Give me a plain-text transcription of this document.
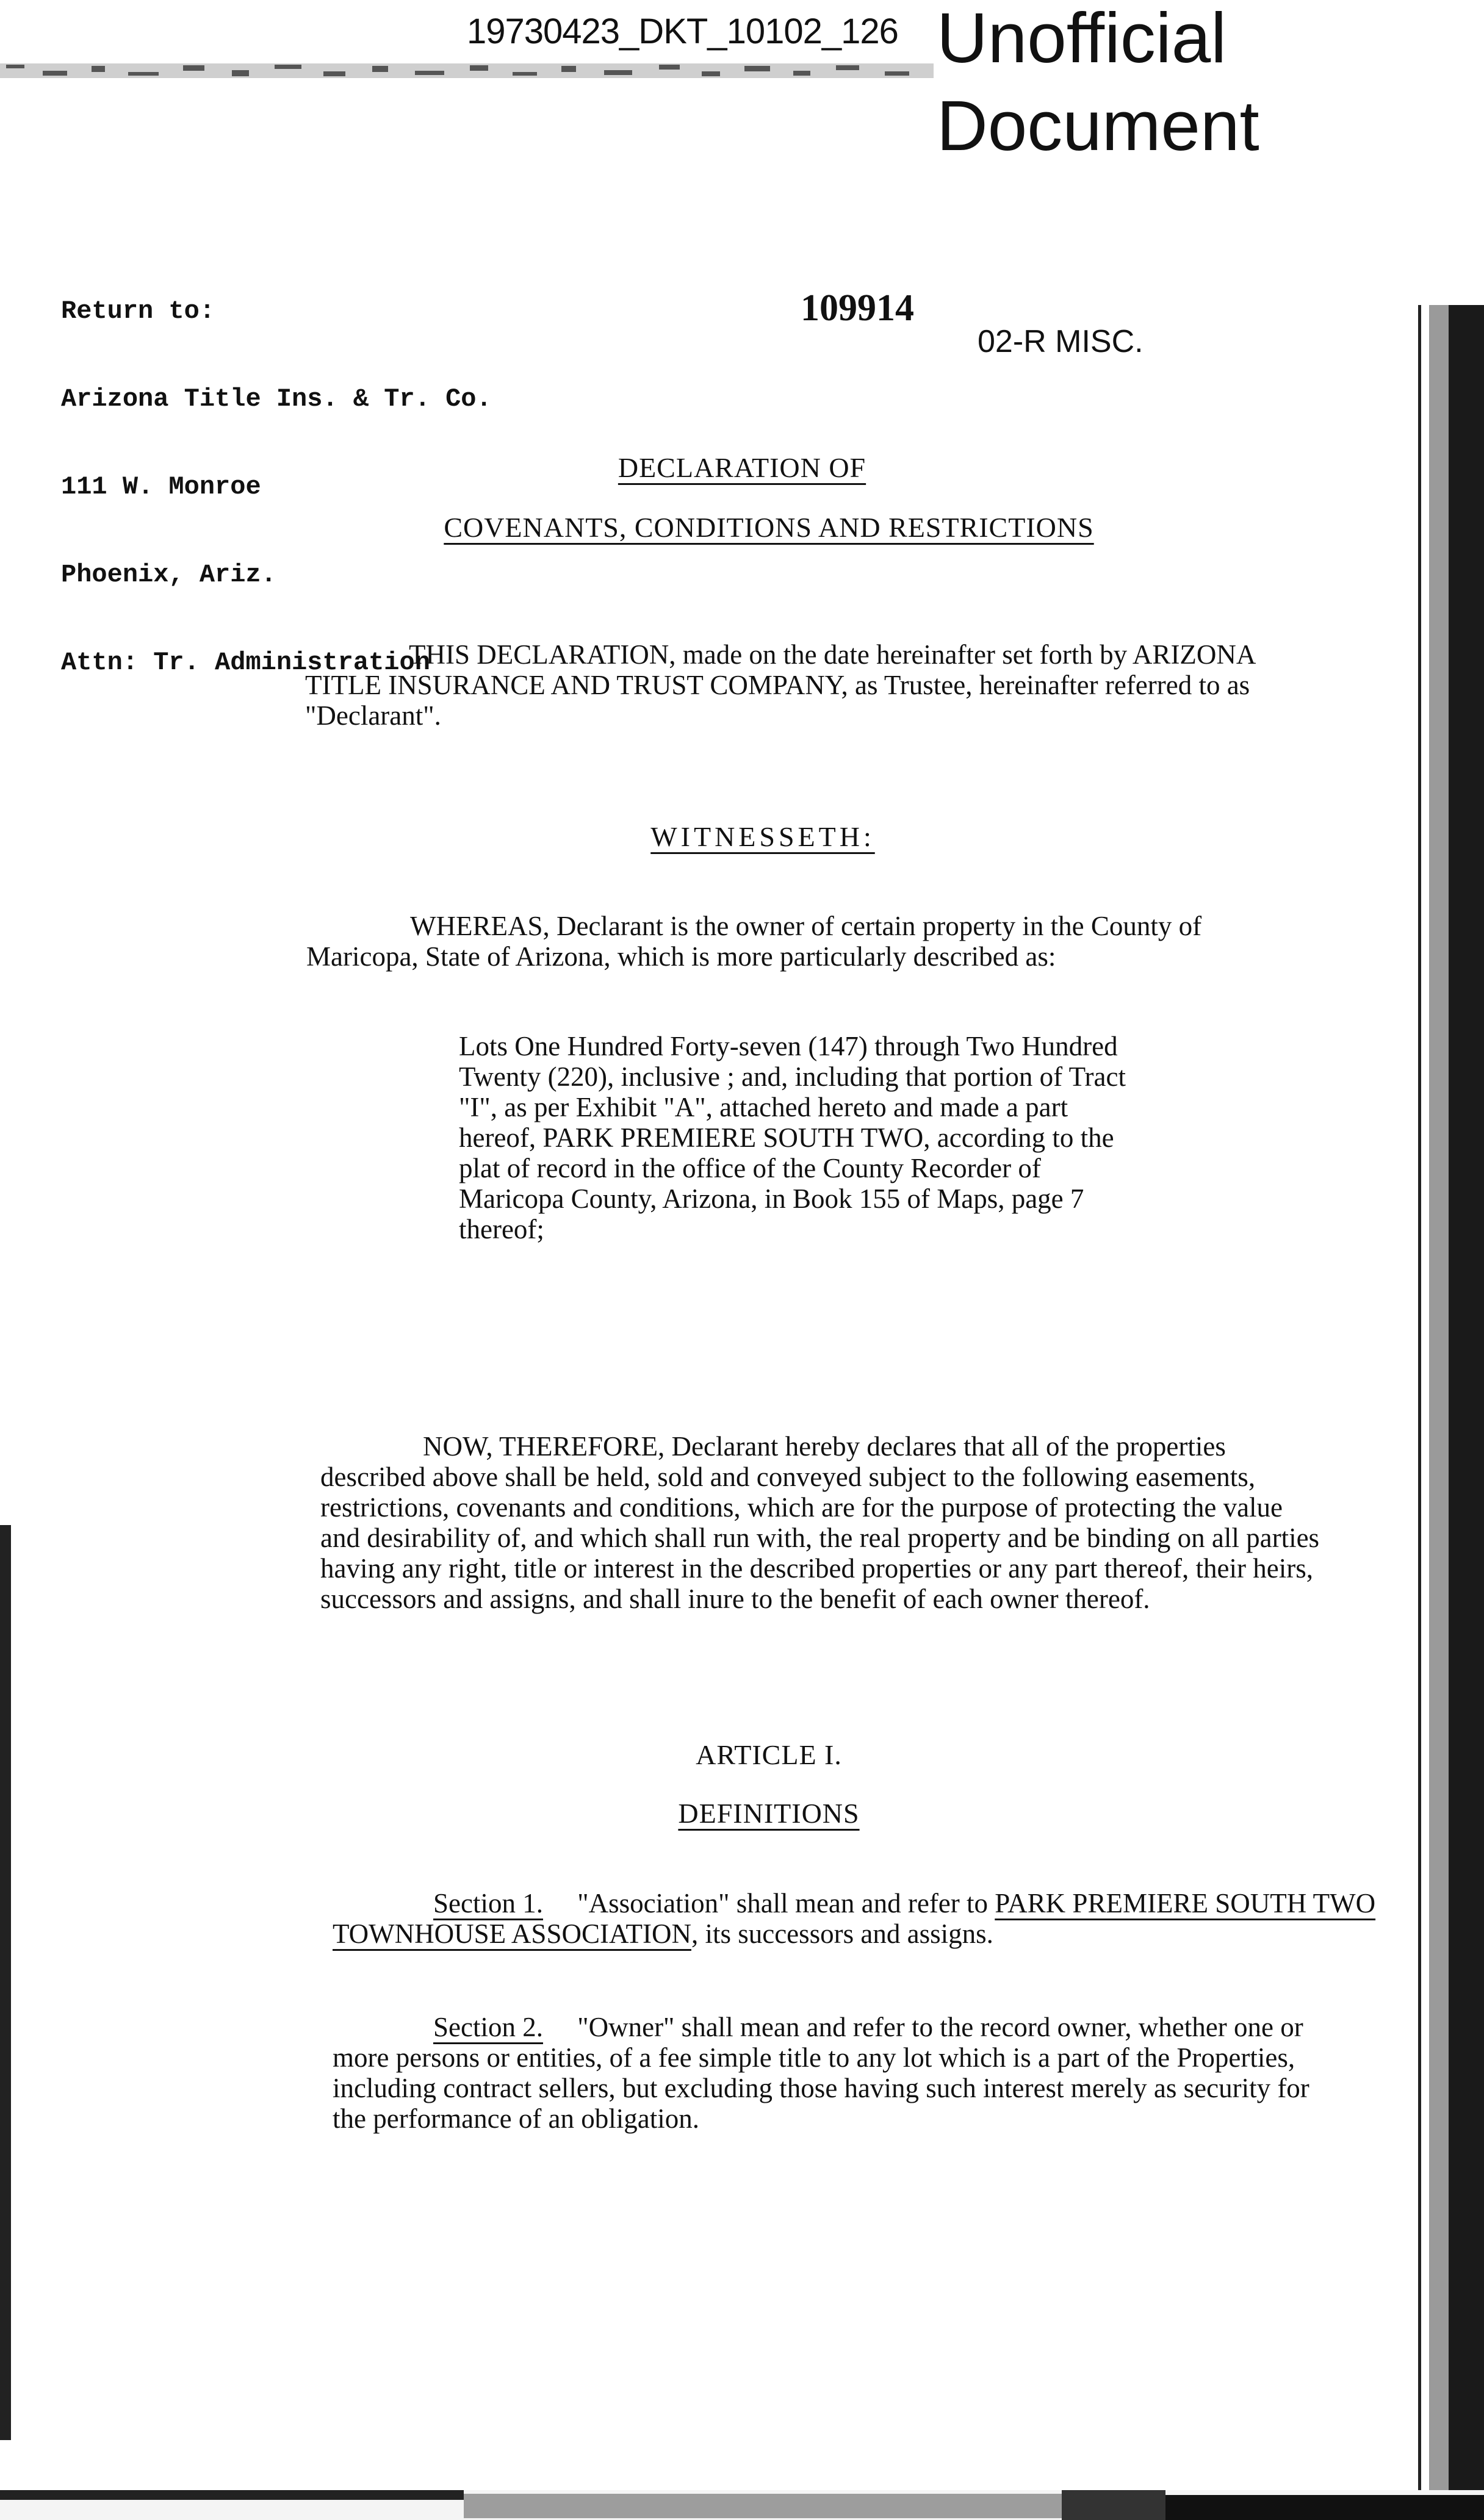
19730423_DKT_10102_126 Unofficial
Document

Return to:

Arizona Title Ins. & Tr. Co.

111 W. Monroe

Phoenix, Ariz.

Attn: Tr. Administration

109914
02-R MISC.
DECLARATION OF
COVENANTS, CONDITIONS AND RESTRICTIONS
THIS DECLARATION, made on the date hereinafter set forth by ARIZONA TITLE INSURANCE AND TRUST COMPANY, as Trustee, hereinafter referred to as "Declarant".
WITNESSETH:
WHEREAS, Declarant is the owner of certain property in the County of Maricopa, State of Arizona, which is more particularly described as:
Lots One Hundred Forty-seven (147) through Two Hundred Twenty (220), inclusive ; and, including that portion of Tract "I", as per Exhibit "A", attached hereto and made a part hereof, PARK PREMIERE SOUTH TWO, according to the plat of record in the office of the County Recorder of Maricopa County, Arizona, in Book 155 of Maps, page 7 thereof;
NOW, THEREFORE, Declarant hereby declares that all of the properties described above shall be held, sold and conveyed subject to the following easements, restrictions, covenants and conditions, which are for the purpose of protecting the value and desirability of, and which shall run with, the real property and be binding on all parties having any right, title or interest in the described properties or any part thereof, their heirs, successors and assigns, and shall inure to the benefit of each owner thereof.
ARTICLE I.
DEFINITIONS
Section 1. "Association" shall mean and refer to PARK PREMIERE SOUTH TWO TOWNHOUSE ASSOCIATION, its successors and assigns.
Section 2. "Owner" shall mean and refer to the record owner, whether one or more persons or entities, of a fee simple title to any lot which is a part of the Properties, including contract sellers, but excluding those having such interest merely as security for the performance of an obligation.
